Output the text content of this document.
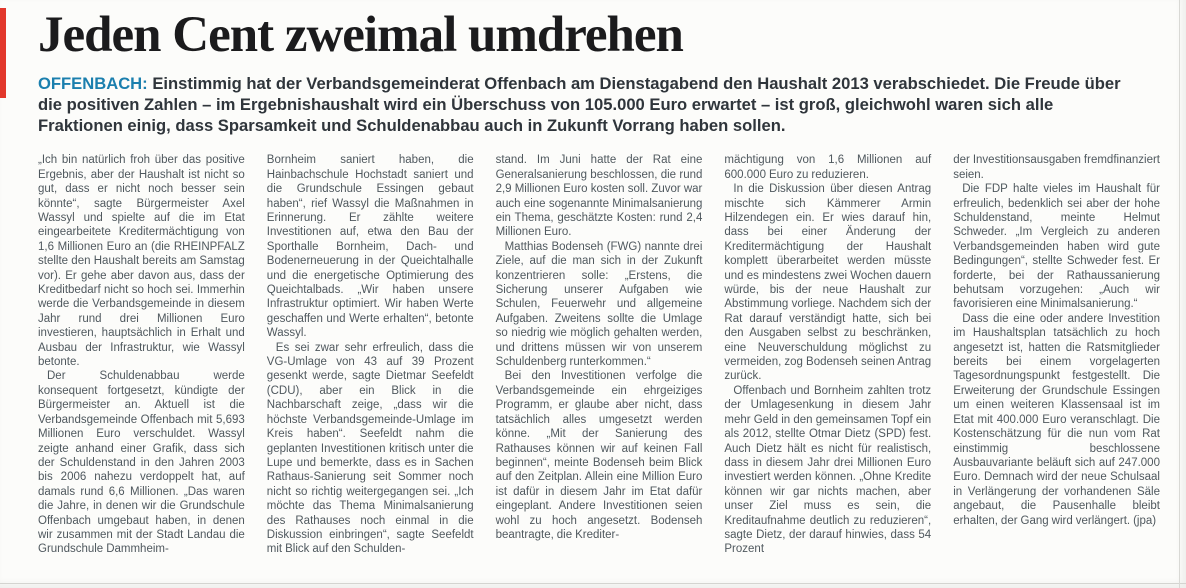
Jeden Cent zweimal umdrehen

OFFENBACH: Einstimmig hat der Verbandsgemeinderat Offenbach am Dienstagabend den Haushalt 2013 verabschiedet. Die Freude über die positiven Zahlen – im Ergebnishaushalt wird ein Überschuss von 105.000 Euro erwartet – ist groß, gleichwohl waren sich alle Fraktionen einig, dass Sparsamkeit und Schuldenabbau auch in Zukunft Vorrang haben sollen.

„Ich bin natürlich froh über das positive Ergebnis, aber der Haushalt ist nicht so gut, dass er nicht noch besser sein könnte“, sagte Bürgermeister Axel Wassyl und spielte auf die im Etat eingearbeitete Kreditermächtigung von 1,6 Millionen Euro an (die RHEINPFALZ stellte den Haushalt bereits am Samstag vor). Er gehe aber davon aus, dass der Kreditbedarf nicht so hoch sei. Immerhin werde die Verbandsgemeinde in diesem Jahr rund drei Millionen Euro investieren, hauptsächlich in Erhalt und Ausbau der Infrastruktur, wie Wassyl betonte.

Der Schuldenabbau werde konsequent fortgesetzt, kündigte der Bürgermeister an. Aktuell ist die Verbandsgemeinde Offenbach mit 5,693 Millionen Euro verschuldet. Wassyl zeigte anhand einer Grafik, dass sich der Schuldenstand in den Jahren 2003 bis 2006 nahezu verdoppelt hat, auf damals rund 6,6 Millionen. „Das waren die Jahre, in denen wir die Grundschule Offenbach umgebaut haben, in denen wir zusammen mit der Stadt Landau die Grundschule Dammheim-

Bornheim saniert haben, die Hainbachschule Hochstadt saniert und die Grundschule Essingen gebaut haben“, rief Wassyl die Maßnahmen in Erinnerung. Er zählte weitere Investitionen auf, etwa den Bau der Sporthalle Bornheim, Dach- und Bodenerneuerung in der Queichtalhalle und die energetische Optimierung des Queichtalbads. „Wir haben unsere Infrastruktur optimiert. Wir haben Werte geschaffen und Werte erhalten“, betonte Wassyl.

Es sei zwar sehr erfreulich, dass die VG-Umlage von 43 auf 39 Prozent gesenkt werde, sagte Dietmar Seefeldt (CDU), aber ein Blick in die Nachbarschaft zeige, „dass wir die höchste Verbandsgemeinde-Umlage im Kreis haben“. Seefeldt nahm die geplanten Investitionen kritisch unter die Lupe und bemerkte, dass es in Sachen Rathaus-Sanierung seit Sommer noch nicht so richtig weitergegangen sei. „Ich möchte das Thema Minimalsanierung des Rathauses noch einmal in die Diskussion einbringen“, sagte Seefeldt mit Blick auf den Schulden-

stand. Im Juni hatte der Rat eine Generalsanierung beschlossen, die rund 2,9 Millionen Euro kosten soll. Zuvor war auch eine sogenannte Minimalsanierung ein Thema, geschätzte Kosten: rund 2,4 Millionen Euro.

Matthias Bodenseh (FWG) nannte drei Ziele, auf die man sich in der Zukunft konzentrieren solle: „Erstens, die Sicherung unserer Aufgaben wie Schulen, Feuerwehr und allgemeine Aufgaben. Zweitens sollte die Umlage so niedrig wie möglich gehalten werden, und drittens müssen wir von unserem Schuldenberg runterkommen.“

Bei den Investitionen verfolge die Verbandsgemeinde ein ehrgeiziges Programm, er glaube aber nicht, dass tatsächlich alles umgesetzt werden könne. „Mit der Sanierung des Rathauses können wir auf keinen Fall beginnen“, meinte Bodenseh beim Blick auf den Zeitplan. Allein eine Million Euro ist dafür in diesem Jahr im Etat dafür eingeplant. Andere Investitionen seien wohl zu hoch angesetzt. Bodenseh beantragte, die Krediter-

mächtigung von 1,6 Millionen auf 600.000 Euro zu reduzieren.

In die Diskussion über diesen Antrag mischte sich Kämmerer Armin Hilzendegen ein. Er wies darauf hin, dass bei einer Änderung der Kreditermächtigung der Haushalt komplett überarbeitet werden müsste und es mindestens zwei Wochen dauern würde, bis der neue Haushalt zur Abstimmung vorliege. Nachdem sich der Rat darauf verständigt hatte, sich bei den Ausgaben selbst zu beschränken, eine Neuverschuldung möglichst zu vermeiden, zog Bodenseh seinen Antrag zurück.

Offenbach und Bornheim zahlten trotz der Umlagesenkung in diesem Jahr mehr Geld in den gemeinsamen Topf ein als 2012, stellte Otmar Dietz (SPD) fest. Auch Dietz hält es nicht für realistisch, dass in diesem Jahr drei Millionen Euro investiert werden können. „Ohne Kredite können wir gar nichts machen, aber unser Ziel muss es sein, die Kreditaufnahme deutlich zu reduzieren“, sagte Dietz, der darauf hinwies, dass 54 Prozent

der Investitionsausgaben fremdfinanziert seien.

Die FDP halte vieles im Haushalt für erfreulich, bedenklich sei aber der hohe Schuldenstand, meinte Helmut Schweder. „Im Vergleich zu anderen Verbandsgemeinden haben wird gute Bedingungen“, stellte Schweder fest. Er forderte, bei der Rathaussanierung behutsam vorzugehen: „Auch wir favorisieren eine Minimalsanierung.“

Dass die eine oder andere Investition im Haushaltsplan tatsächlich zu hoch angesetzt ist, hatten die Ratsmitglieder bereits bei einem vorgelagerten Tagesordnungspunkt festgestellt. Die Erweiterung der Grundschule Essingen um einen weiteren Klassensaal ist im Etat mit 400.000 Euro veranschlagt. Die Kostenschätzung für die nun vom Rat einstimmig beschlossene Ausbauvariante beläuft sich auf 247.000 Euro. Demnach wird der neue Schulsaal in Verlängerung der vorhandenen Säle angebaut, die Pausenhalle bleibt erhalten, der Gang wird verlängert. (jpa)
